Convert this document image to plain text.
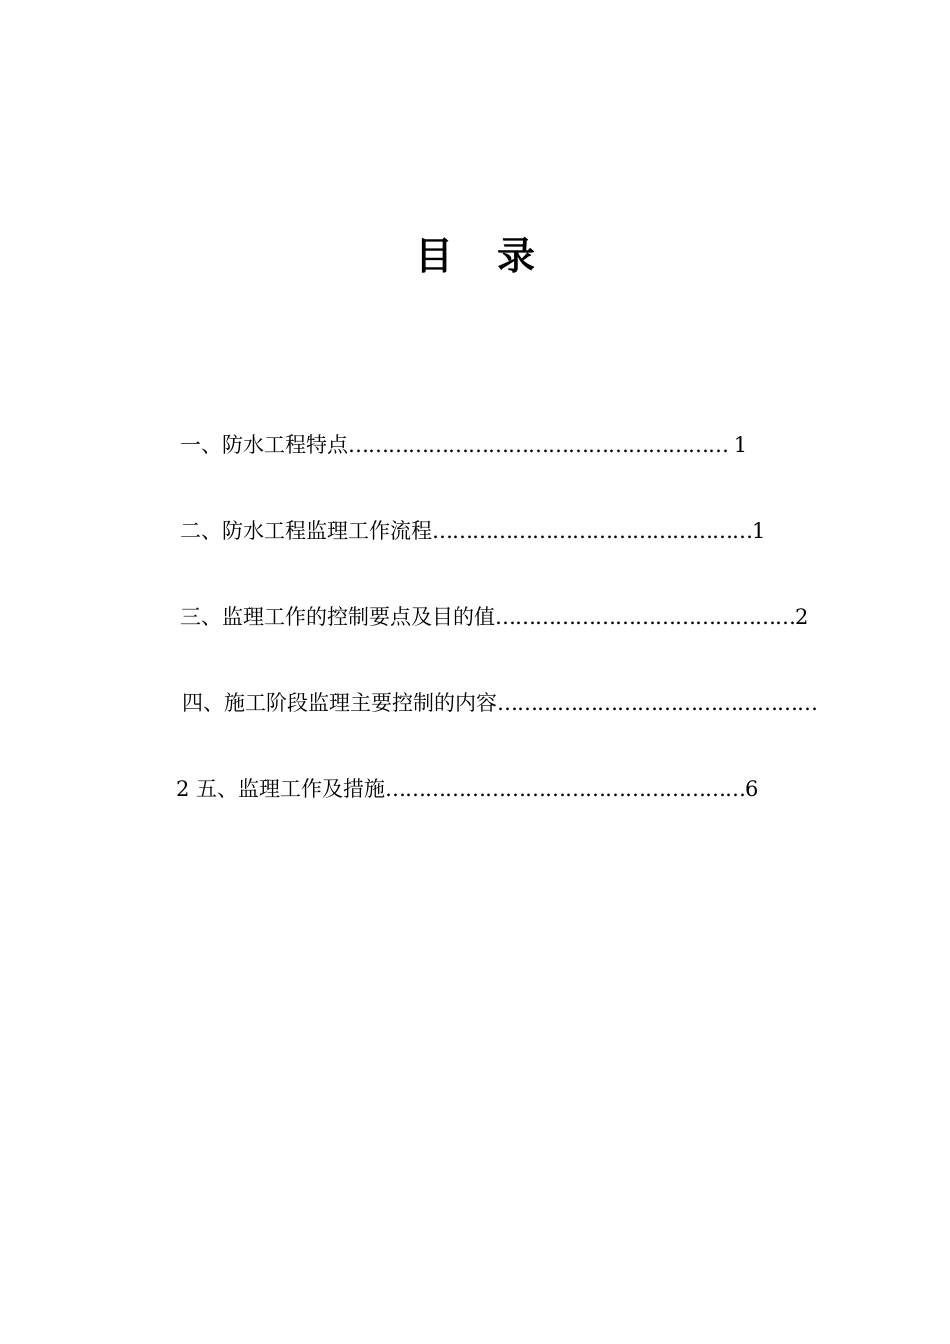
目 录
一、防水工程特点………………………………………………… 1
二、防水工程监理工作流程…………………………………………1
三、监理工作的控制要点及目的值………………………………………2
四、施工阶段监理主要控制的内容…………………………………………
2 五、监理工作及措施………………………………………………6
